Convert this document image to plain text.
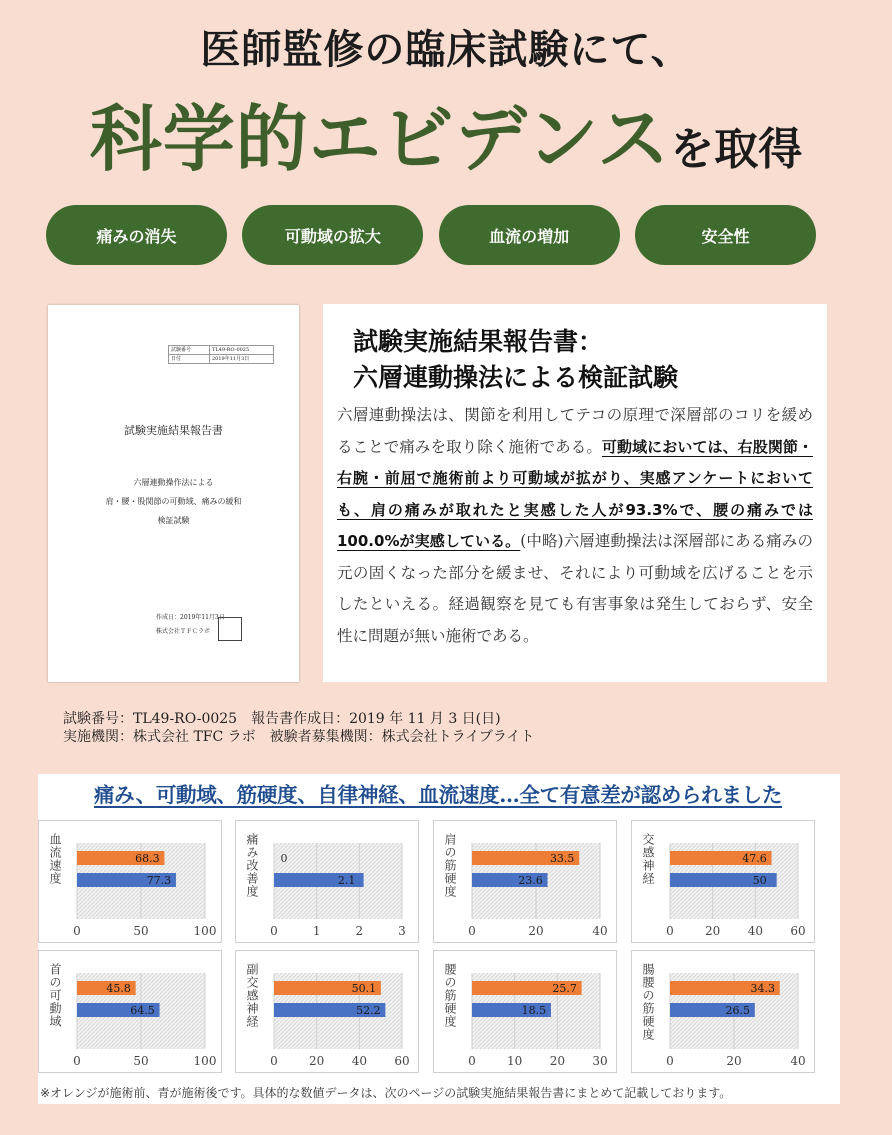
医師監修の臨床試験にて、
科学的エビデンスを取得
痛みの消失	可動域の拡大	血流の増加	安全性
試験番号	TL49-RO-0025
日付	2019年11月3日
試験実施結果報告書
六層連動操作法による
肩・腰・股関節の可動域、痛みの緩和
検証試験
作成日：2019年11月3日
株式会社ＴＦＣラボ
試験実施結果報告書：
六層連動操法による検証試験
六層連動操法は、関節を利用してテコの原理で深層部のコリを緩めることで痛みを取り除く施術である。可動域においては、右股関節・右腕・前屈で施術前より可動域が拡がり、実感アンケートにおいても、肩の痛みが取れたと実感した人が93.3%で、腰の痛みでは 100.0%が実感している。(中略)六層連動操法は深層部にある痛みの元の固くなった部分を緩ませ、それにより可動域を広げることを示したといえる。経過観察を見ても有害事象は発生しておらず、安全性に問題が無い施術である。
試験番号：TL49-RO-0025　報告書作成日：2019 年 11 月 3 日(日)
実施機関：株式会社 TFC ラボ　被験者募集機関：株式会社トライブライト
痛み、可動域、筋硬度、自律神経、血流速度…全て有意差が認められました
※オレンジが施術前、青が施術後です。具体的な数値データは、次のページの試験実施結果報告書にまとめて記載しております。
血流速度
0	50	100
68.3
77.3	痛み改善度
0	1	2	3
0
2.1	肩の筋硬度
0	20	40
33.5
23.6	交感神経
0	20 40 60
47.6
50
首の可動域
0	50	100
45.8
64.5	副交感神経
0	20 40 60
50.1
52.2	腰の筋硬度
0	10 20 30
25.7
18.5	腸腰の筋硬度
0	20	40
34.3
26.5
